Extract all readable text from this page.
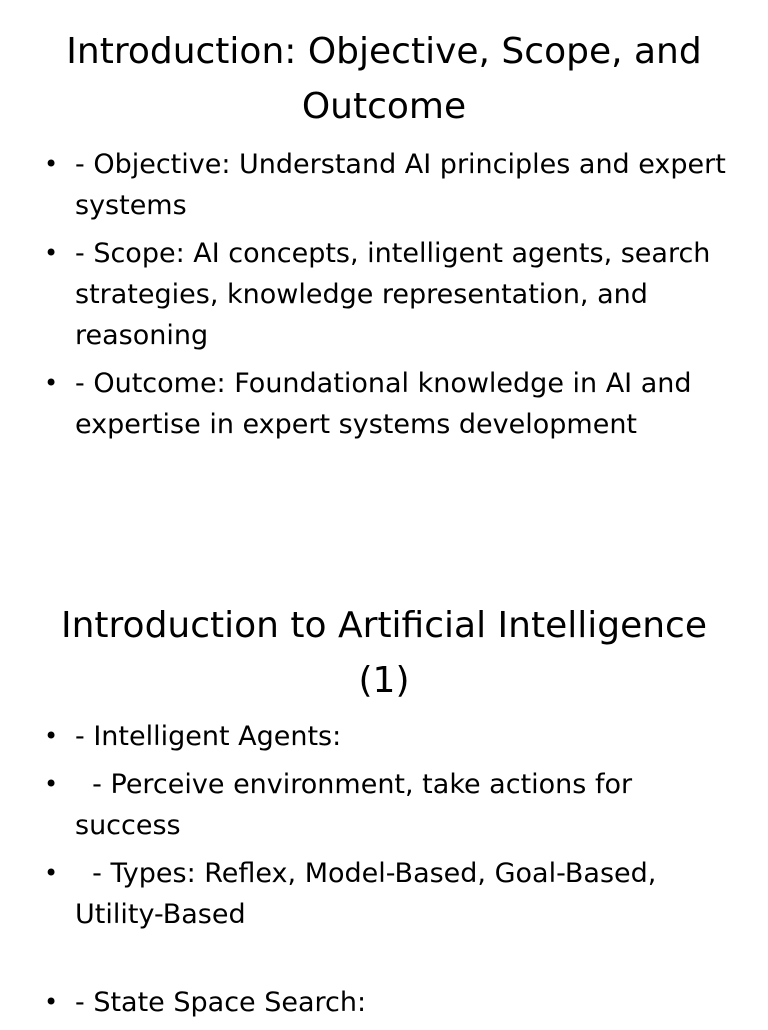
Introduction: Objective, Scope, and Outcome
• - Objective: Understand AI principles and expert systems
• - Scope: AI concepts, intelligent agents, search strategies, knowledge representation, and reasoning
• - Outcome: Foundational knowledge in AI and expertise in expert systems development
Introduction to Artificial Intelligence (1)
• - Intelligent Agents:
• - Perceive environment, take actions for success
• - Types: Reflex, Model-Based, Goal-Based, Utility-Based
• - State Space Search:
